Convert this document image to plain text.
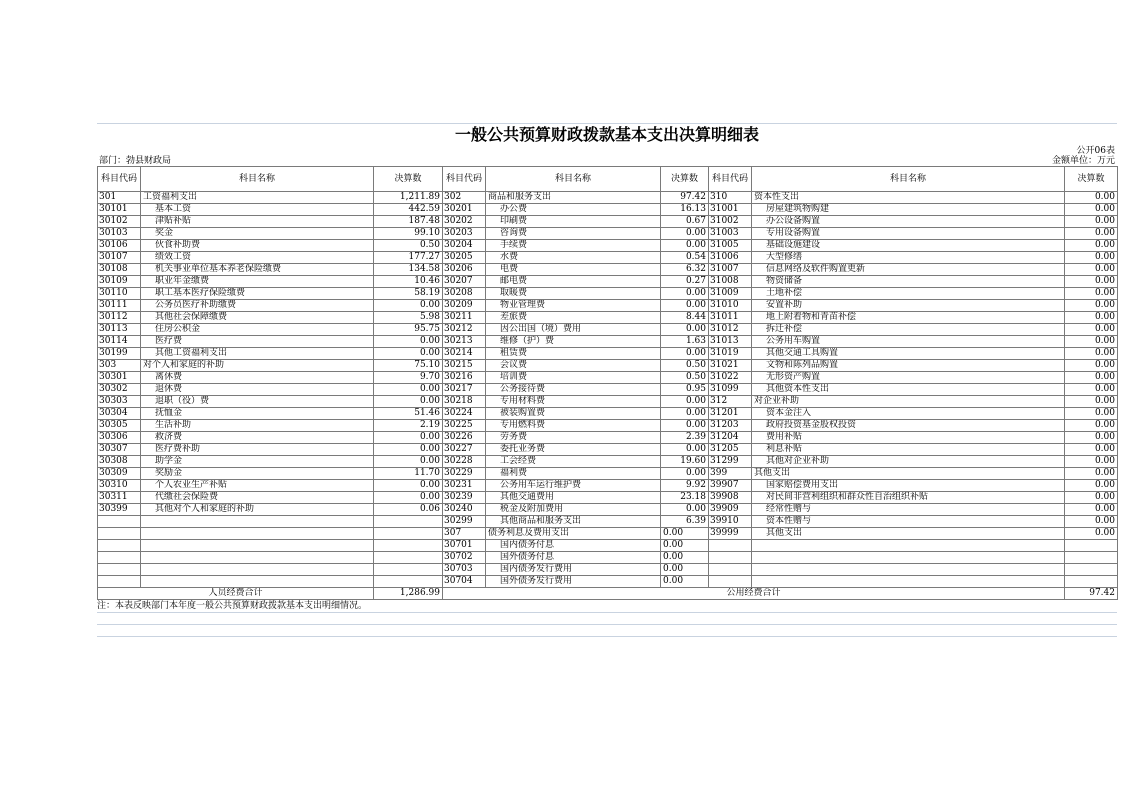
一般公共预算财政拨款基本支出决算明细表
公开06表
部门：勃县财政局	金额单位：万元
科目代码	科目名称	决算数	科目代码	科目名称	决算数	科目代码	科目名称	决算数
301	工资福利支出	1,211.89	302	商品和服务支出	97.42	310	资本性支出	0.00
30101	基本工资	442.59	30201	办公费	16.13	31001	房屋建筑物购建	0.00
30102	津贴补贴	187.48	30202	印刷费	0.67	31002	办公设备购置	0.00
30103	奖金	99.10	30203	咨询费	0.00	31003	专用设备购置	0.00
30106	伙食补助费	0.50	30204	手续费	0.00	31005	基础设施建设	0.00
30107	绩效工资	177.27	30205	水费	0.54	31006	大型修缮	0.00
30108	机关事业单位基本养老保险缴费	134.58	30206	电费	6.32	31007	信息网络及软件购置更新	0.00
30109	职业年金缴费	10.46	30207	邮电费	0.27	31008	物资储备	0.00
30110	职工基本医疗保险缴费	58.19	30208	取暖费	0.00	31009	土地补偿	0.00
30111	公务员医疗补助缴费	0.00	30209	物业管理费	0.00	31010	安置补助	0.00
30112	其他社会保障缴费	5.98	30211	差旅费	8.44	31011	地上附着物和青苗补偿	0.00
30113	住房公积金	95.75	30212	因公出国（境）费用	0.00	31012	拆迁补偿	0.00
30114	医疗费	0.00	30213	维修（护）费	1.63	31013	公务用车购置	0.00
30199	其他工资福利支出	0.00	30214	租赁费	0.00	31019	其他交通工具购置	0.00
303	对个人和家庭的补助	75.10	30215	会议费	0.50	31021	文物和陈列品购置	0.00
30301	离休费	9.70	30216	培训费	0.50	31022	无形资产购置	0.00
30302	退休费	0.00	30217	公务接待费	0.95	31099	其他资本性支出	0.00
30303	退职（役）费	0.00	30218	专用材料费	0.00	312	对企业补助	0.00
30304	抚恤金	51.46	30224	被装购置费	0.00	31201	资本金注入	0.00
30305	生活补助	2.19	30225	专用燃料费	0.00	31203	政府投资基金股权投资	0.00
30306	救济费	0.00	30226	劳务费	2.39	31204	费用补贴	0.00
30307	医疗费补助	0.00	30227	委托业务费	0.00	31205	利息补贴	0.00
30308	助学金	0.00	30228	工会经费	19.60	31299	其他对企业补助	0.00
30309	奖励金	11.70	30229	福利费	0.00	399	其他支出	0.00
30310	个人农业生产补贴	0.00	30231	公务用车运行维护费	9.92	39907	国家赔偿费用支出	0.00
30311	代缴社会保险费	0.00	30239	其他交通费用	23.18	39908	对民间非营利组织和群众性自治组织补贴	0.00
30399	其他对个人和家庭的补助	0.06	30240	税金及附加费用	0.00	39909	经常性赠与	0.00
			30299	其他商品和服务支出	6.39	39910	资本性赠与	0.00
			307	债务利息及费用支出	0.00	39999	其他支出	0.00
			30701	国内债务付息	0.00			
			30702	国外债务付息	0.00			
			30703	国内债务发行费用	0.00			
			30704	国外债务发行费用	0.00			
人员经费合计		1,286.99	公用经费合计					97.42
注：本表反映部门本年度一般公共预算财政拨款基本支出明细情况。
